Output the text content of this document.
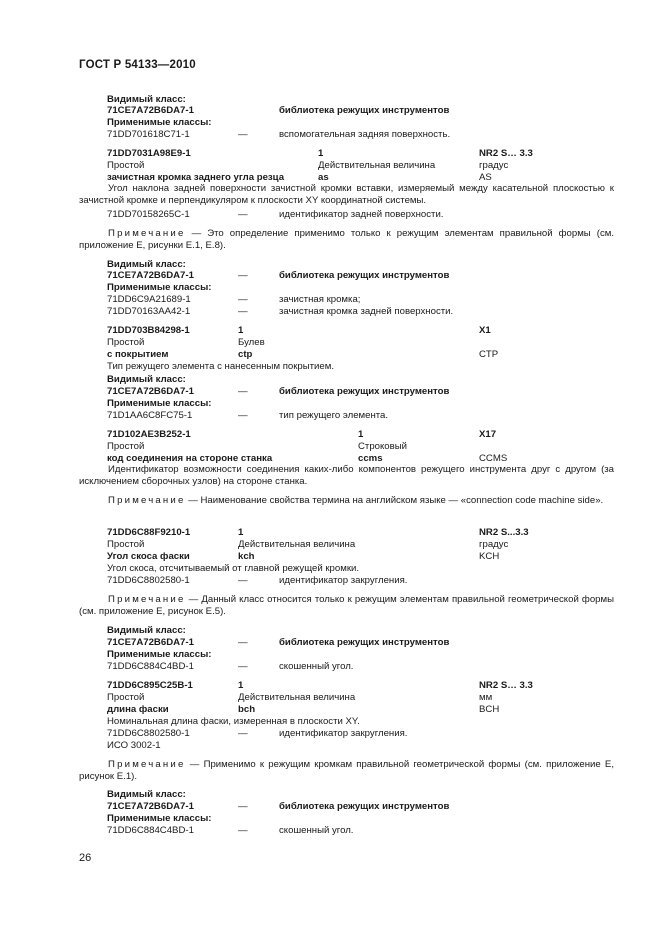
ГОСТ Р 54133—2010
Видимый класс:
71CE7A72B6DA7-1	библиотека режущих инструментов
Применимые классы:
71DD701618C71-1	—	вспомогательная задняя поверхность.
71DD7031A98E9-1	1	NR2 S… 3.3
Простой	Действительная величина	градус
зачистная кромка заднего угла резца	as	AS
Угол наклона задней поверхности зачистной кромки вставки, измеряемый между касательной плоскостью к зачистной кромке и перпендикуляром к плоскости XY координатной системы.
71DD70158265C-1	—	идентификатор задней поверхности.
Примечание — Это определение применимо только к режущим элементам правильной формы (см. приложение Е, рисунки Е.1, Е.8).
Видимый класс:
71CE7A72B6DA7-1	—	библиотека режущих инструментов
Применимые классы:
71DD6C9A21689-1	—	зачистная кромка;
71DD70163AA42-1	—	зачистная кромка задней поверхности.
71DD703B84298-1	1	X1
Простой	Булев
с покрытием	ctp	CTP
Тип режущего элемента с нанесенным покрытием.
Видимый класс:
71CE7A72B6DA7-1	—	библиотека режущих инструментов
Применимые классы:
71D1AA6C8FC75-1	—	тип режущего элемента.
71D102AE3B252-1	1	X17
Простой	Строковый
код соединения на стороне станка	ccms	CCMS
Идентификатор возможности соединения каких-либо компонентов режущего инструмента друг с другом (за исключением сборочных узлов) на стороне станка.
Примечание — Наименование свойства термина на английском языке — «connection code machine side».
71DD6C88F9210-1	1	NR2 S...3.3
Простой	Действительная величина	градус
Угол скоса фаски	kch	KCH
Угол скоса, отсчитываемый от главной режущей кромки.
71DD6C8802580-1	—	идентификатор закругления.
Примечание — Данный класс относится только к режущим элементам правильной геометрической формы (см. приложение Е, рисунок Е.5).
Видимый класс:
71CE7A72B6DA7-1	—	библиотека режущих инструментов
Применимые классы:
71DD6C884C4BD-1	—	скошенный угол.
71DD6C895C25B-1	1	NR2 S… 3.3
Простой	Действительная величина	мм
длина фаски	bch	BCH
Номинальная длина фаски, измеренная в плоскости XY.
71DD6C8802580-1	—	идентификатор закругления.
ИСО 3002-1
Примечание — Применимо к режущим кромкам правильной геометрической формы (см. приложение Е, рисунок Е.1).
Видимый класс:
71CE7A72B6DA7-1	—	библиотека режущих инструментов
Применимые классы:
71DD6C884C4BD-1	—	скошенный угол.
26
